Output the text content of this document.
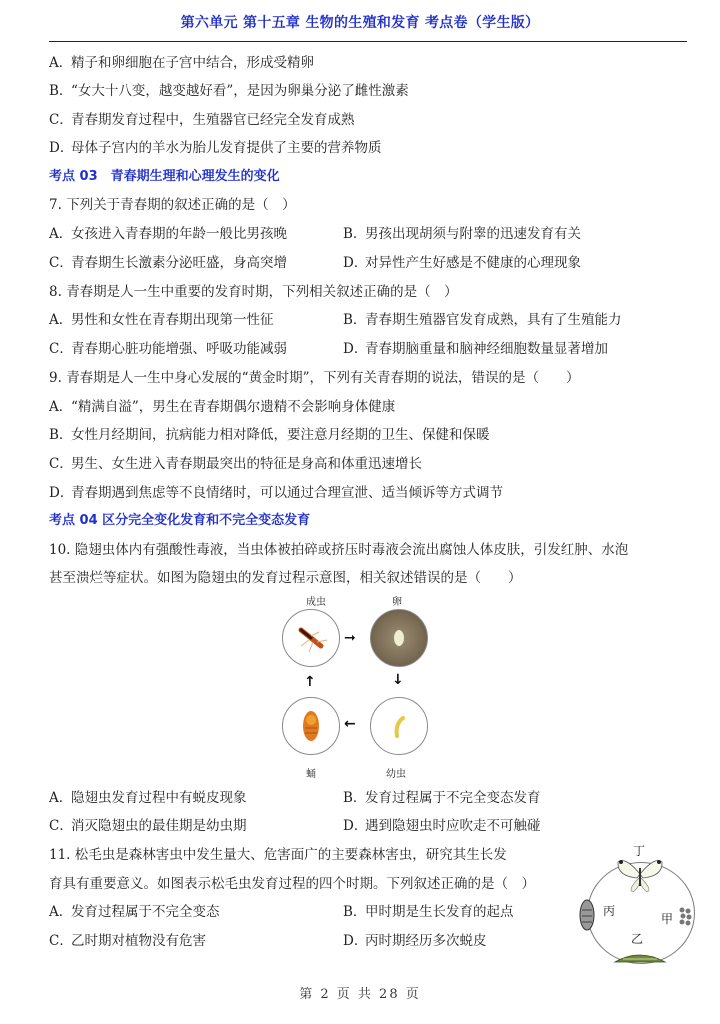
第六单元 第十五章 生物的生殖和发育 考点卷（学生版）
A．精子和卵细胞在子宫中结合，形成受精卵
B．“女大十八变，越变越好看”，是因为卵巢分泌了雌性激素
C．青春期发育过程中，生殖器官已经完全发育成熟
D．母体子宫内的羊水为胎儿发育提供了主要的营养物质
考点 03　青春期生理和心理发生的变化
7. 下列关于青春期的叙述正确的是（　）
A．女孩进入青春期的年龄一般比男孩晚	B．男孩出现胡须与附睾的迅速发育有关
C．青春期生长激素分泌旺盛，身高突增	D．对异性产生好感是不健康的心理现象
8. 青春期是人一生中重要的发育时期，下列相关叙述正确的是（　）
A．男性和女性在青春期出现第一性征	B．青春期生殖器官发育成熟，具有了生殖能力
C．青春期心脏功能增强、呼吸功能减弱	D．青春期脑重量和脑神经细胞数量显著增加
9. 青春期是人一生中身心发展的“黄金时期”，下列有关青春期的说法，错误的是（　　）
A．“精满自溢”，男生在青春期偶尔遗精不会影响身体健康
B．女性月经期间，抗病能力相对降低，要注意月经期的卫生、保健和保暖
C．男生、女生进入青春期最突出的特征是身高和体重迅速增长
D．青春期遇到焦虑等不良情绪时，可以通过合理宣泄、适当倾诉等方式调节
考点 04 区分完全变化发育和不完全变态发育
10. 隐翅虫体内有强酸性毒液，当虫体被拍碎或挤压时毒液会流出腐蚀人体皮肤，引发红肿、水泡
甚至溃烂等症状。如图为隐翅虫的发育过程示意图，相关叙述错误的是（　　）
成虫	卵
➞
↓
←
↑
蛹	幼虫
A．隐翅虫发育过程中有蜕皮现象	B．发育过程属于不完全变态发育
C．消灭隐翅虫的最佳期是幼虫期	D．遇到隐翅虫时应吹走不可触碰
11. 松毛虫是森林害虫中发生量大、危害面广的主要森林害虫，研究其生长发
育具有重要意义。如图表示松毛虫发育过程的四个时期。下列叙述正确的是（　）
A．发育过程属于不完全变态	B．甲时期是生长发育的起点
C．乙时期对植物没有危害	D．丙时期经历多次蜕皮
丁
丙
甲
乙
第 2 页 共 28 页
